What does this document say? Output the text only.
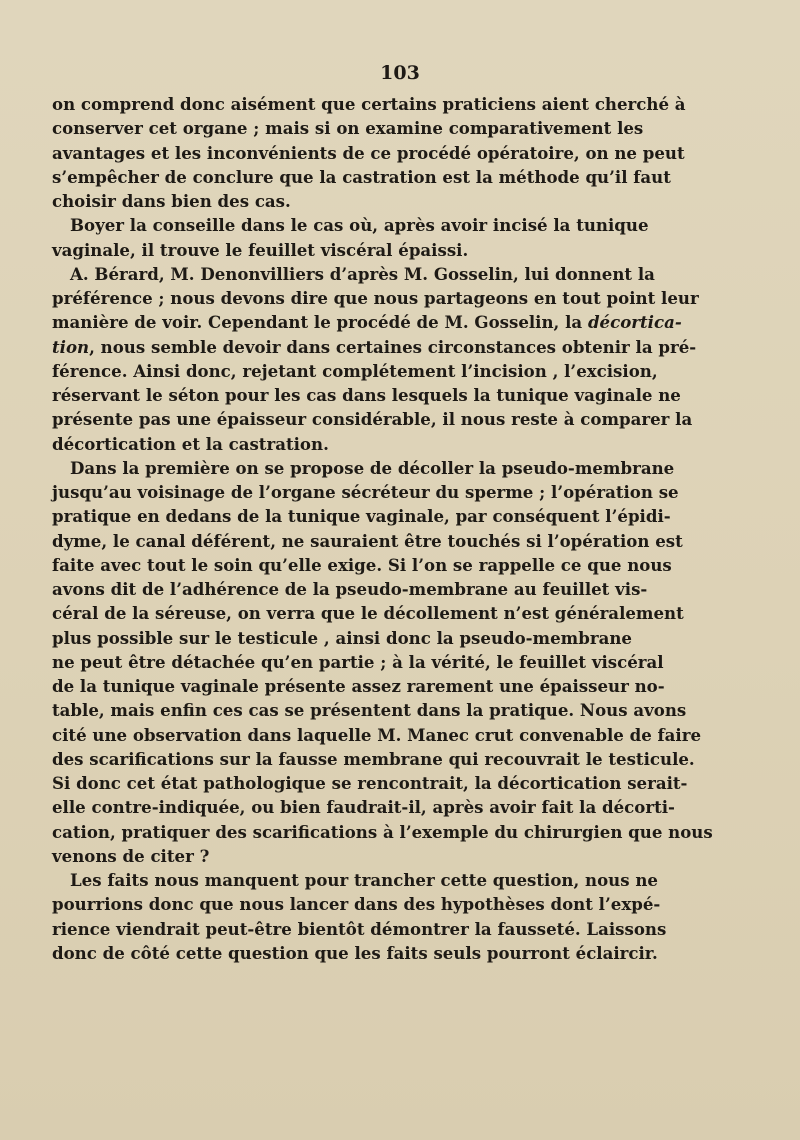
103
on comprend donc aisément que certains praticiens aient cherché à
conserver cet organe ; mais si on examine comparativement les
avantages et les inconvénients de ce procédé opératoire, on ne peut
s’empêcher de conclure que la castration est la méthode qu’il faut
choisir dans bien des cas.
Boyer la conseille dans le cas où, après avoir incisé la tunique
vaginale, il trouve le feuillet viscéral épaissi.
A. Bérard, M. Denonvilliers d’après M. Gosselin, lui donnent la
préférence ; nous devons dire que nous partageons en tout point leur
manière de voir. Cependant le procédé de M. Gosselin, la décortica-
tion, nous semble devoir dans certaines circonstances obtenir la pré-
férence. Ainsi donc, rejetant complétement l’incision , l’excision,
réservant le séton pour les cas dans lesquels la tunique vaginale ne
présente pas une épaisseur considérable, il nous reste à comparer la
décortication et la castration.
Dans la première on se propose de décoller la pseudo-membrane
jusqu’au voisinage de l’organe sécréteur du sperme ; l’opération se
pratique en dedans de la tunique vaginale, par conséquent l’épidi-
dyme, le canal déférent, ne sauraient être touchés si l’opération est
faite avec tout le soin qu’elle exige. Si l’on se rappelle ce que nous
avons dit de l’adhérence de la pseudo-membrane au feuillet vis-
céral de la séreuse, on verra que le décollement n’est généralement
plus possible sur le testicule , ainsi donc la pseudo-membrane
ne peut être détachée qu’en partie ; à la vérité, le feuillet viscéral
de la tunique vaginale présente assez rarement une épaisseur no-
table, mais enfin ces cas se présentent dans la pratique. Nous avons
cité une observation dans laquelle M. Manec crut convenable de faire
des scarifications sur la fausse membrane qui recouvrait le testicule.
Si donc cet état pathologique se rencontrait, la décortication serait-
elle contre-indiquée, ou bien faudrait-il, après avoir fait la décorti-
cation, pratiquer des scarifications à l’exemple du chirurgien que nous
venons de citer ?
Les faits nous manquent pour trancher cette question, nous ne
pourrions donc que nous lancer dans des hypothèses dont l’expé-
rience viendrait peut-être bientôt démontrer la fausseté. Laissons
donc de côté cette question que les faits seuls pourront éclaircir.
